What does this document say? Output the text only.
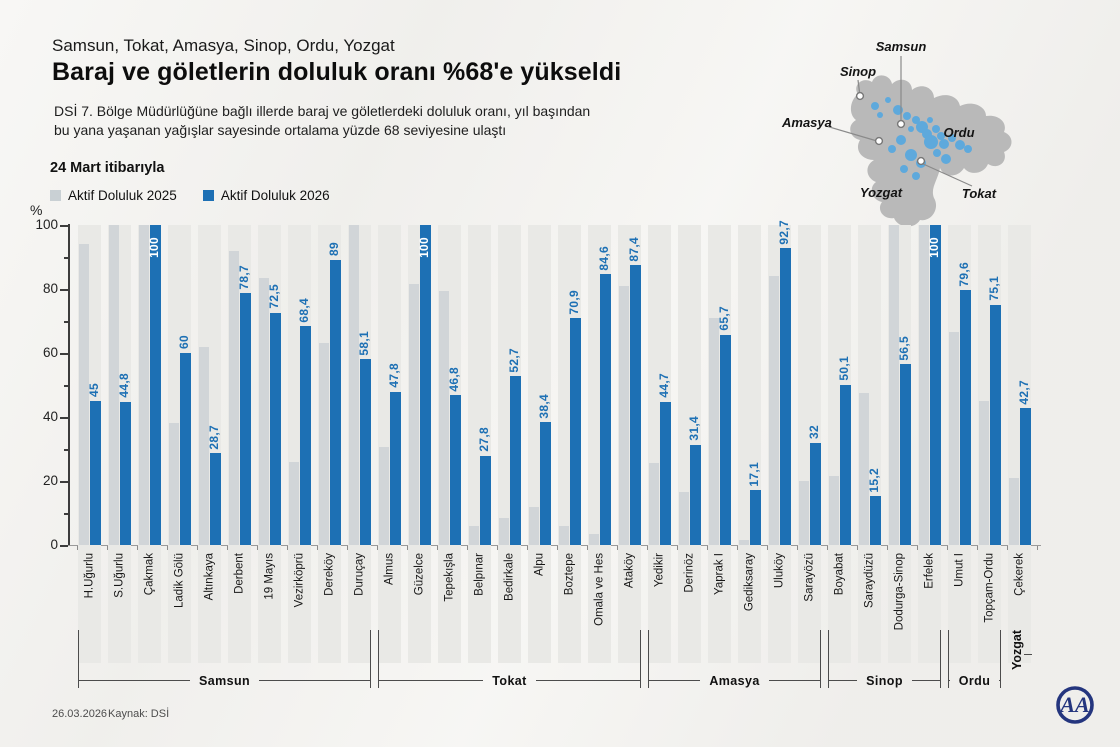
Samsun, Tokat, Amasya, Sinop, Ordu, Yozgat
Baraj ve göletlerin doluluk oranı %68'e yükseldi
DSİ 7. Bölge Müdürlüğüne bağlı illerde baraj ve göletlerdeki doluluk oranı, yıl başından
bu yana yaşanan yağışlar sayesinde ortalama yüzde 68 seviyesine ulaştı
24 Mart itibarıyla
Aktif Doluluk 2025	Aktif Doluluk 2026
Samsun
Sinop
Amasya
Ordu
Yozgat	Tokat
%
0
20
40
60
80
100
45
H.Uğurlu
44,8
S.Uğurlu
100
Çakmak
60
Ladik Gölü
28,7
Altınkaya
78,7
Derbent
72,5
19 Mayıs
68,4
Vezirköprü
89
Dereköy
58,1
Duruçay
47,8
Almus
100
Güzelce
46,8
Tepekışla
27,8
Belpınar
52,7
Bedirkale
38,4
Alpu
70,9
Boztepe
84,6
Omala ve Hes
87,4
Ataköy
44,7
Yedikir
31,4
Derinöz
65,7
Yaprak I
17,1
Gediksaray
92,7
Uluköy
32
Sarayözü
50,1
Boyabat
15,2
Saraydüzü
56,5
Dodurga-Sinop
100
Erfelek
79,6
Umut I
75,1
Topçam-Ordu
42,7
Çekerek
Samsun	Tokat	Amasya	Sinop	Ordu
Yozgat
26.03.2026 Kaynak: DSİ	AA
